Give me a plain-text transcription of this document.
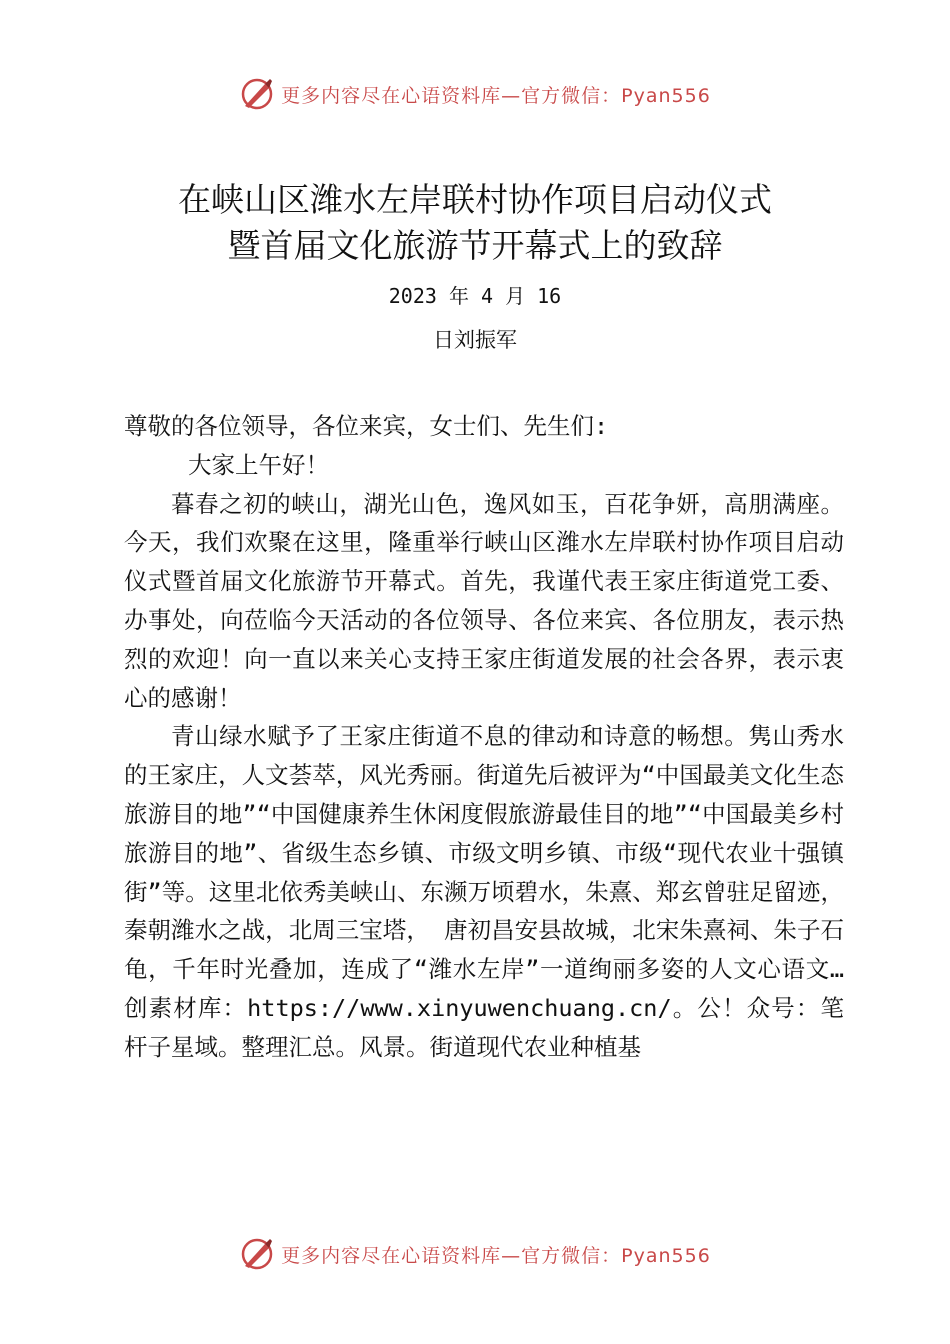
更多内容尽在心语资料库—官方微信：Pyan556
在峡山区潍水左岸联村协作项目启动仪式
暨首届文化旅游节开幕式上的致辞
2023 年 4 月 16
日刘振军

尊敬的各位领导，各位来宾，女士们、先生们:

大家上午好！

暮春之初的峡山，湖光山色，逸风如玉，百花争妍，高朋满座。今天，我们欢聚在这里，隆重举行峡山区潍水左岸联村协作项目启动仪式暨首届文化旅游节开幕式。首先，我谨代表王家庄街道党工委、办事处，向莅临今天活动的各位领导、各位来宾、各位朋友，表示热烈的欢迎！向一直以来关心支持王家庄街道发展的社会各界，表示衷心的感谢！

青山绿水赋予了王家庄街道不息的律动和诗意的畅想。隽山秀水的王家庄，人文荟萃，风光秀丽。街道先后被评为“中国最美文化生态旅游目的地”“中国健康养生休闲度假旅游最佳目的地”“中国最美乡村旅游目的地”、省级生态乡镇、市级文明乡镇、市级“现代农业十强镇街”等。这里北依秀美峡山、东濒万顷碧水，朱熹、郑玄曾驻足留迹，秦朝潍水之战，北周三宝塔， 唐初昌安县故城，北宋朱熹祠、朱子石龟，千年时光叠加，连成了“潍水左岸”一道绚丽多姿的人文心语文…创素材库：https://www.xinyuwenchuang.cn/。公！众号：笔杆子星域。整理汇总。风景。街道现代农业种植基

更多内容尽在心语资料库—官方微信：Pyan556
